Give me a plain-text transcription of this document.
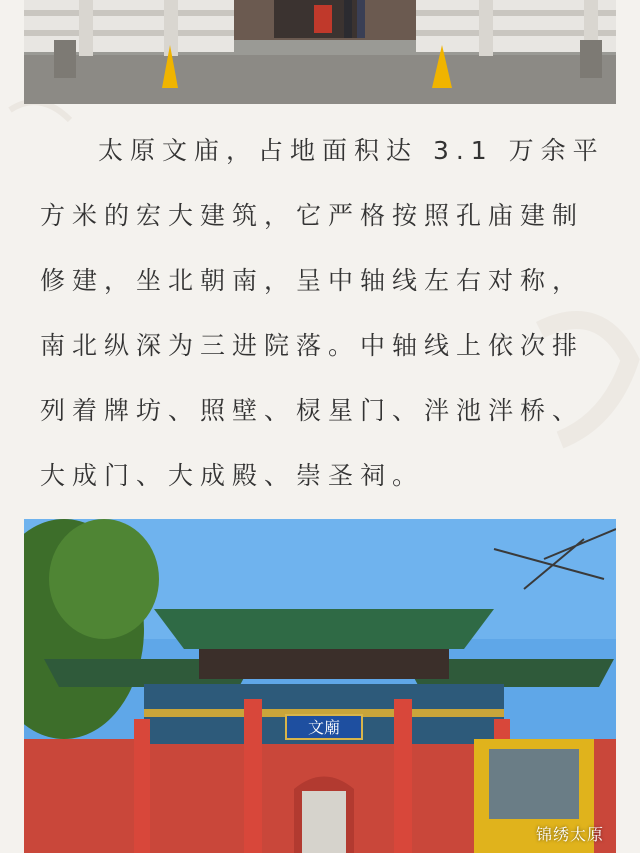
太原文庙，占地面积达 3.1 万余平方米的宏大建筑，它严格按照孔庙建制修建，坐北朝南，呈中轴线左右对称，南北纵深为三进院落。中轴线上依次排列着牌坊、照壁、棂星门、泮池泮桥、大成门、大成殿、崇圣祠。

文廟
锦绣太原
